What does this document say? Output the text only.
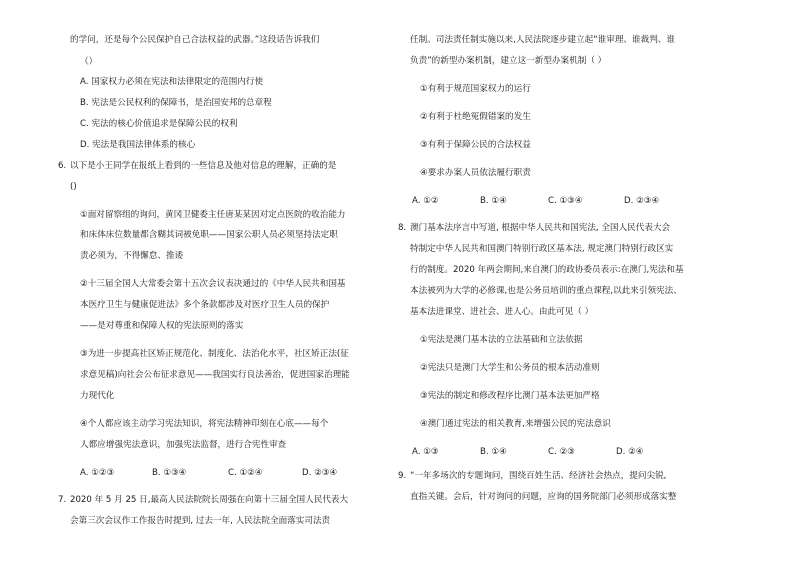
的学问，还是每个公民保护自己合法权益的武器。”这段话告诉我们
（）
A. 国家权力必须在宪法和法律限定的范围内行使
B. 宪法是公民权利的保障书，是治国安邦的总章程
C. 宪法的核心价值追求是保障公民的权利
D. 宪法是我国法律体系的核心
6. 以下是小王同学在报纸上看到的一些信息及他对信息的理解，正确的是
()
①面对留察组的询问，黄冈卫健委主任唐某某因对定点医院的收治能力
和床体床位数量都含糊其词被免职——国家公职人员必须坚持法定职
责必须为，不得懈怠、推诿
②十三届全国人大常委会第十五次会议表决通过的《中华人民共和国基
本医疗卫生与健康促进法》多个条款都涉及对医疗卫生人员的保护
——是对尊重和保障人权的宪法原则的落实
③为进一步提高社区矫正规范化、制度化、法治化水平，社区矫正法(征
求意见稿)向社会公布征求意见——我国实行良法善治，促进国家治理能
力现代化
④个人都应该主动学习宪法知识，将宪法精神印刻在心底——每个
人都应增强宪法意识，加强宪法监督，进行合宪性审查
A. ①②③	B. ①③④	C. ①②④	D. ②③④
7. 2020 年 5 月 25 日,最高人民法院院长周强在向第十三届全国人民代表大
会第三次会议作工作报告时提到, 过去一年, 人民法院全面落实司法责
任制。司法责任制实施以来,人民法院逐步建立起“谁审理、谁裁判、谁
负责”的新型办案机制，建立这一新型办案机制（ ）
①有利于规范国家权力的运行
②有利于杜绝冤假错案的发生
③有利于保障公民的合法权益
④要求办案人员依法履行职责
A. ①②	B. ①④	C. ①③④	D. ②③④
8. 澳门基本法序言中写道, 根据中华人民共和国宪法, 全国人民代表大会
特制定中华人民共和国澳门特别行政区基本法, 规定澳门特别行政区实
行的制度。2020 年两会期间,来自澳门的政协委员表示:在澳门,宪法和基
本法被列为大学的必修课,也是公务员培训的重点课程,以此来引领宪法、
基本法进课堂、进社会、进人心。由此可见（ ）
①宪法是澳门基本法的立法基础和立法依据
②宪法只是澳门大学生和公务员的根本活动准则
③宪法的制定和修改程序比澳门基本法更加严格
④澳门通过宪法的相关教育,来增强公民的宪法意识
A. ①③	B. ①④	C. ②③	D. ②④
9. “一年多场次的专题询问，围绕百姓生活、经济社会热点，提问尖锐,
直指关键。会后，针对询问的问题，应询的国务院部门必须形成落实整
